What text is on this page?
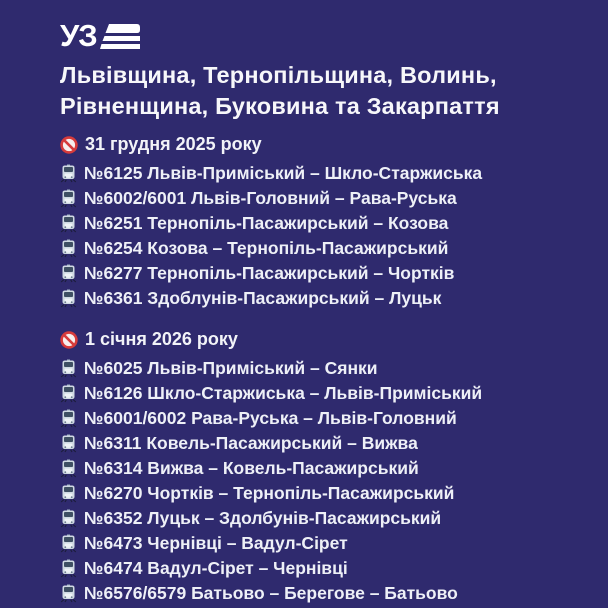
УЗ
Львівщина, Тернопільщина, Волинь,
Рівненщина, Буковина та Закарпаття
31 грудня 2025 року
№6125 Львів-Приміський – Шкло-Старжиська
№6002/6001 Львів-Головний – Рава-Руська
№6251 Тернопіль-Пасажирський – Козова
№6254 Козова – Тернопіль-Пасажирський
№6277 Тернопіль-Пасажирський – Чортків
№6361 Здоблунів-Пасажирський – Луцьк
1 січня 2026 року
№6025 Львів-Приміський – Сянки
№6126 Шкло-Старжиська – Львів-Приміський
№6001/6002 Рава-Руська – Львів-Головний
№6311 Ковель-Пасажирський – Вижва
№6314 Вижва – Ковель-Пасажирський
№6270 Чортків – Тернопіль-Пасажирський
№6352 Луцьк – Здолбунів-Пасажирський
№6473 Чернівці – Вадул-Сірет
№6474 Вадул-Сірет – Чернівці
№6576/6579 Батьово – Берегове – Батьово
